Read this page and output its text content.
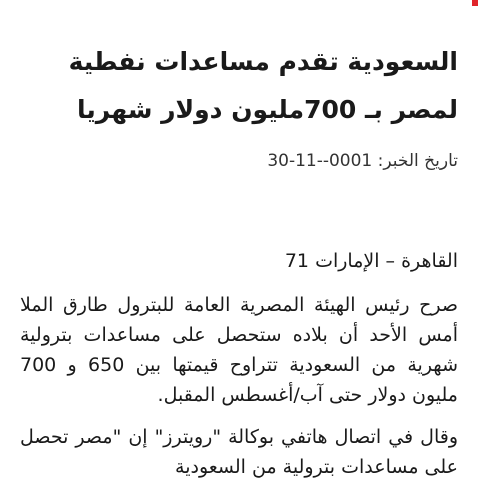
السعودية تقدم مساعدات نفطية لمصر بـ 700مليون دولار شهريا
تاريخ الخبر: 30-11--0001

القاهرة – الإمارات 71

صرح رئيس الهيئة المصرية العامة للبترول طارق الملا أمس الأحد أن بلاده ستحصل على مساعدات بترولية شهرية من السعودية تتراوح قيمتها بين 650 و 700 مليون دولار حتى آب/أغسطس المقبل.

وقال في اتصال هاتفي بوكالة "رويترز" إن "مصر تحصل على مساعدات بترولية من السعودية
